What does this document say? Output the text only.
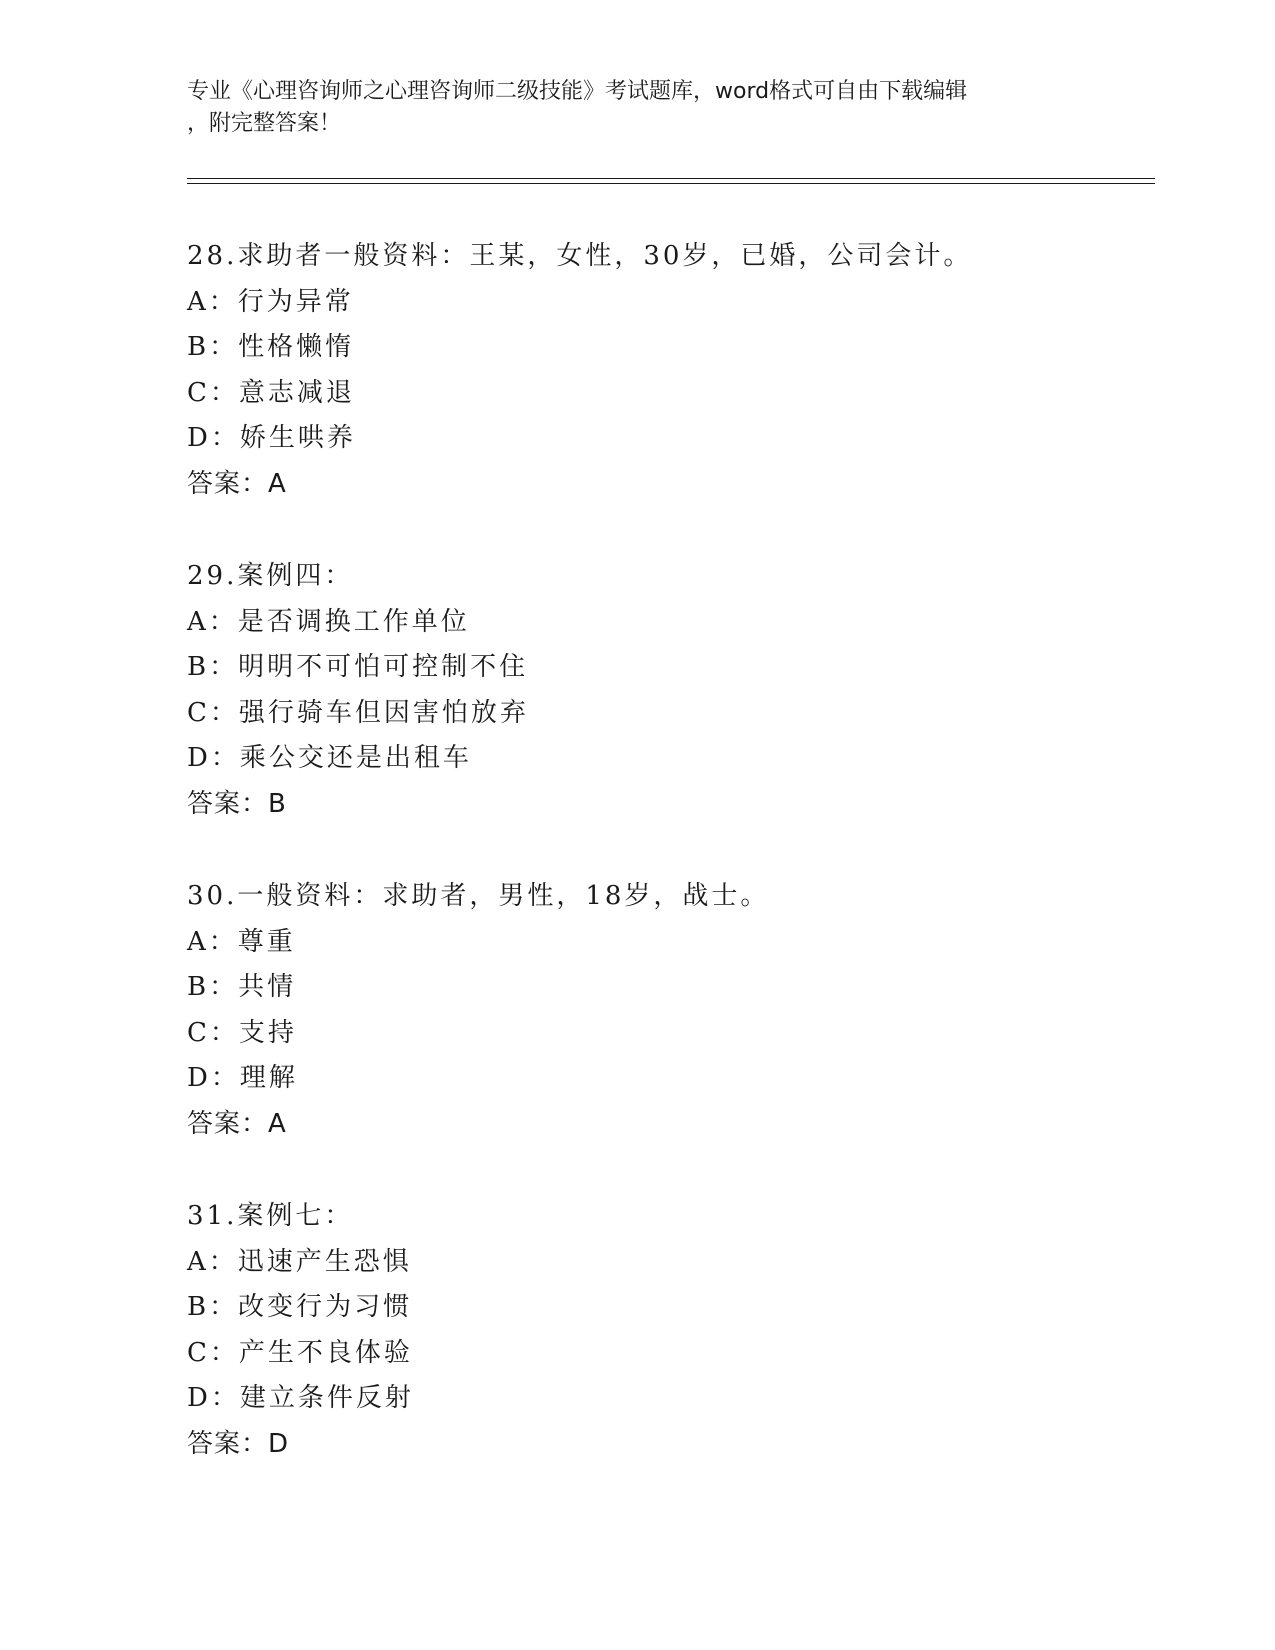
专业《心理咨询师之心理咨询师二级技能》考试题库，word格式可自由下载编辑
，附完整答案！
28.求助者一般资料：王某，女性，30岁，已婚，公司会计。
A：行为异常
B：性格懒惰
C：意志减退
D：娇生哄养
答案：A
29.案例四：
A：是否调换工作单位
B：明明不可怕可控制不住
C：强行骑车但因害怕放弃
D：乘公交还是出租车
答案：B
30.一般资料：求助者，男性，18岁，战士。
A：尊重
B：共情
C：支持
D：理解
答案：A
31.案例七：
A：迅速产生恐惧
B：改变行为习惯
C：产生不良体验
D：建立条件反射
答案：D
